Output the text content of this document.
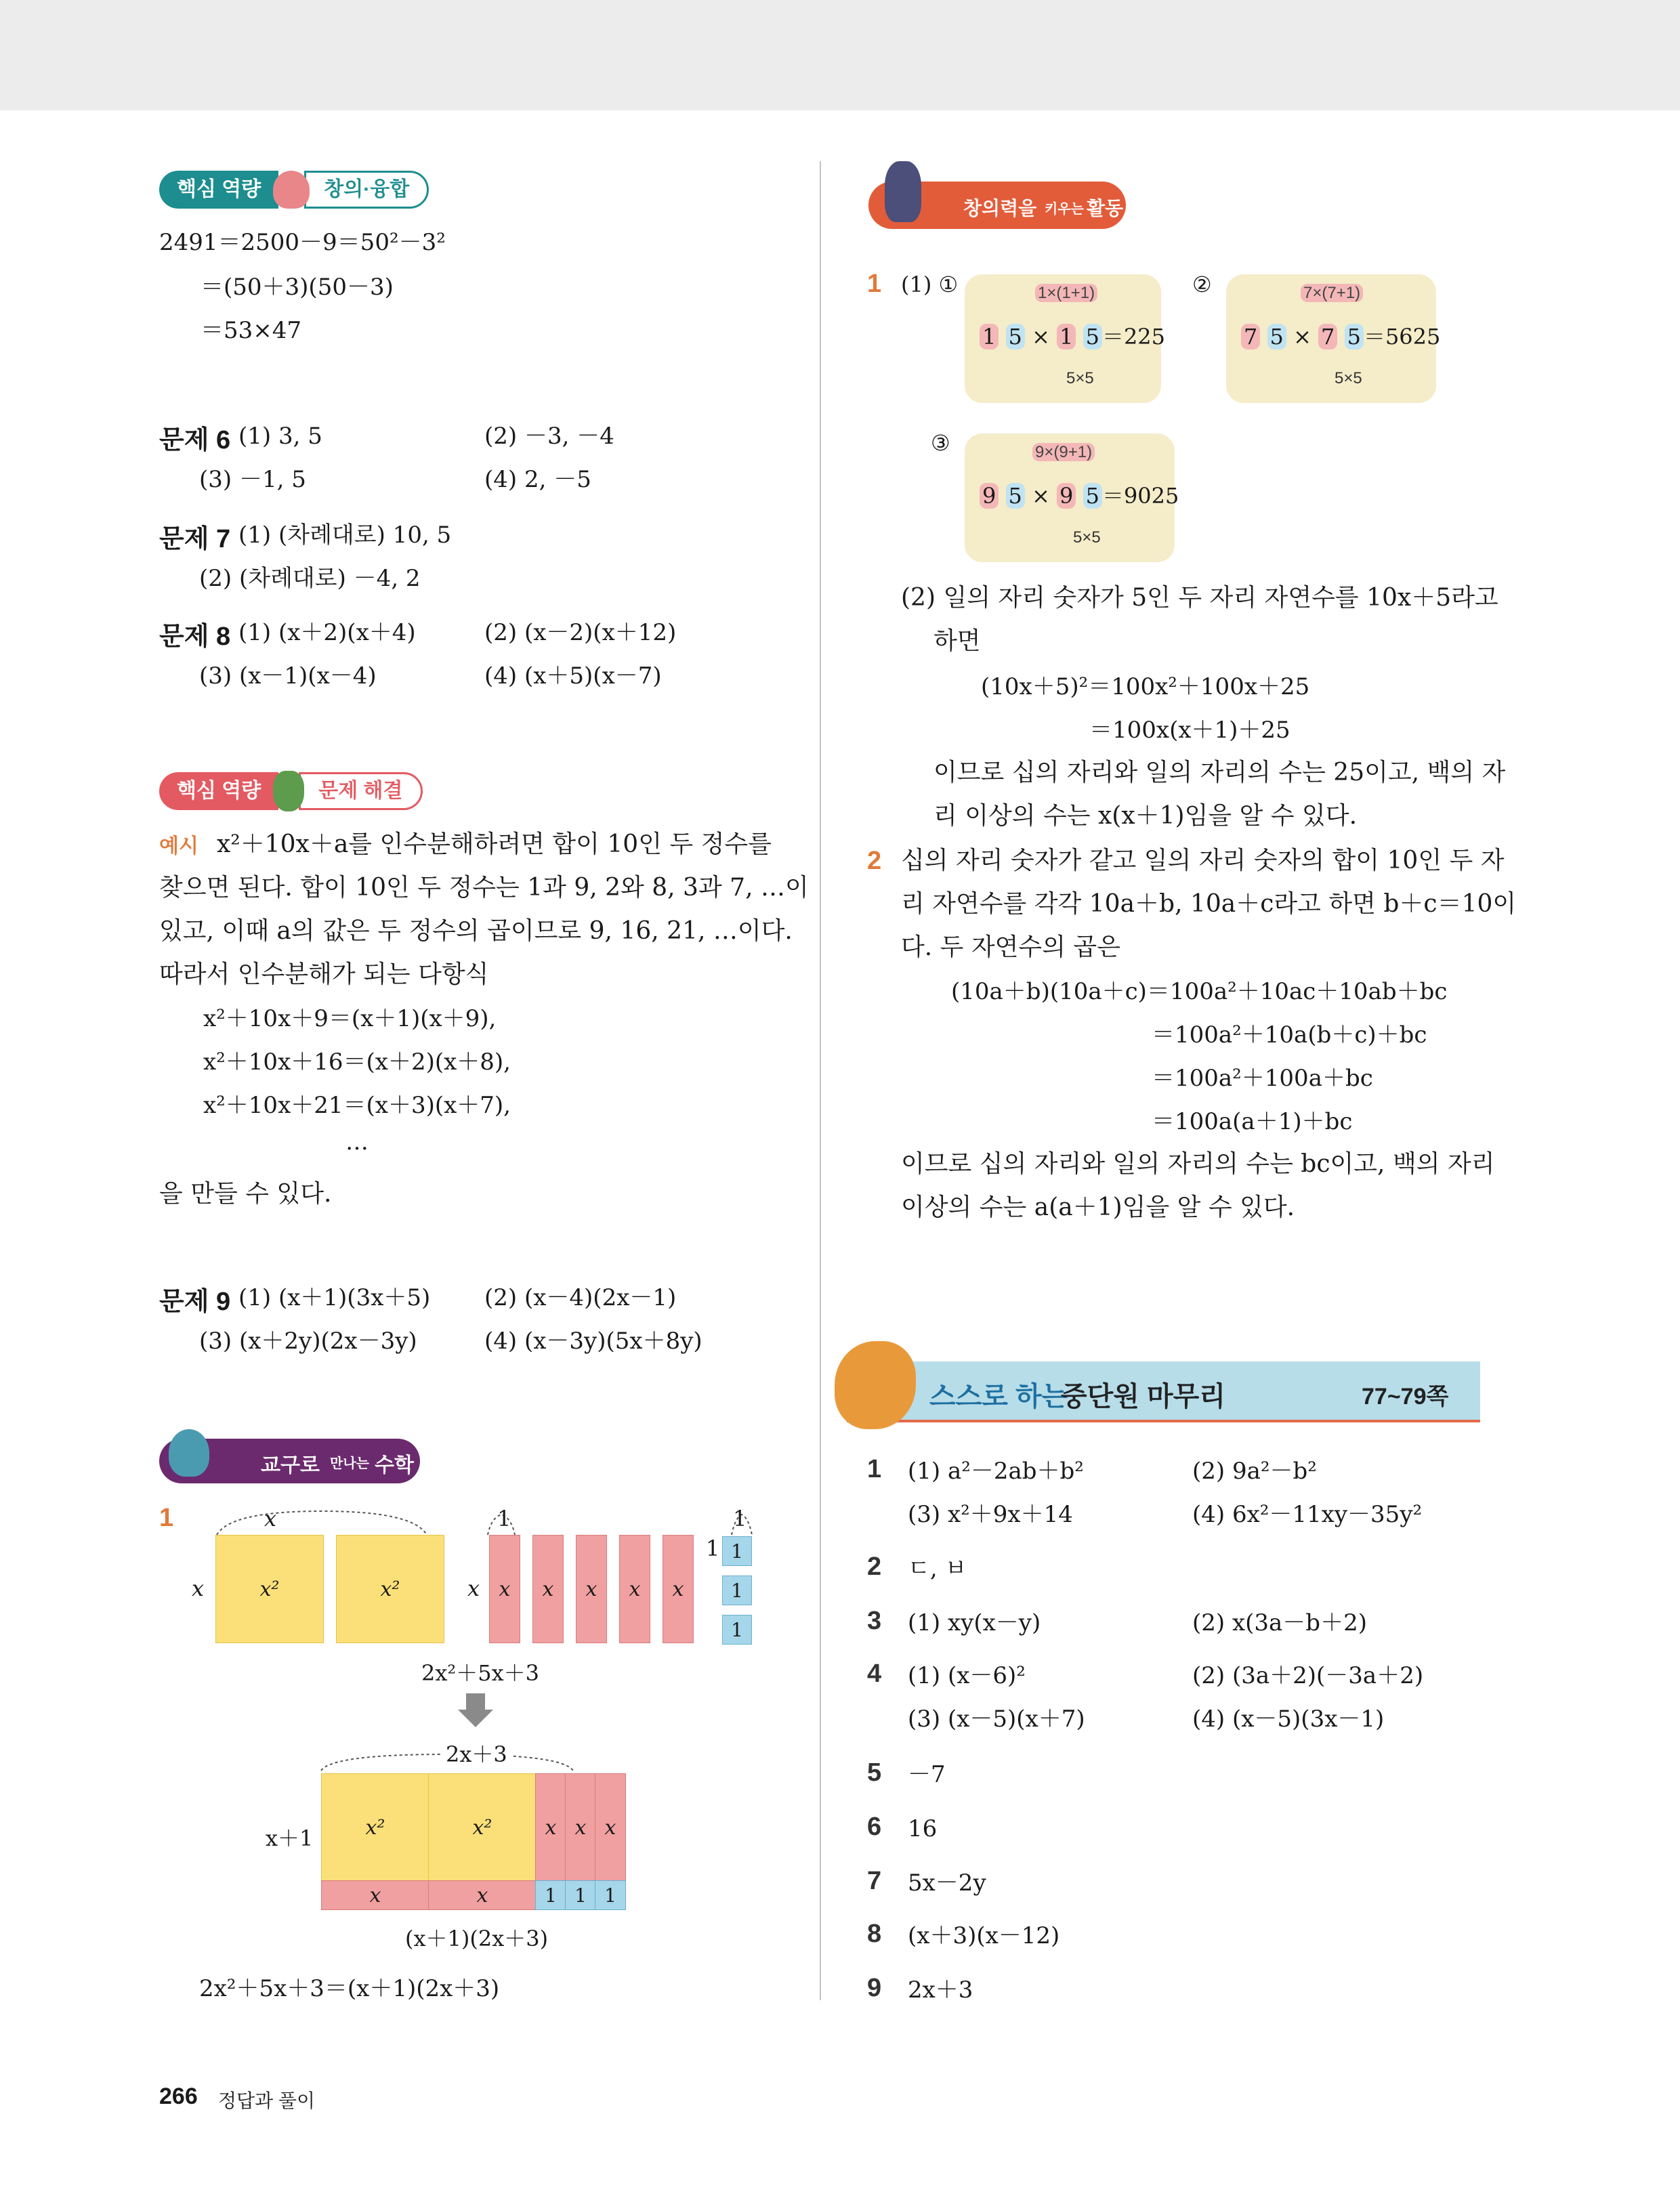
핵심 역량	창의·융합
2491＝2500－9＝50²－3²
＝(50＋3)(50－3)
＝53×47
문제 6 (1) 3, 5	(2) －3, －4
(3) －1, 5	(4) 2, －5
문제 7 (1) (차례대로) 10, 5
(2) (차례대로) －4, 2
문제 8 (1) (x＋2)(x＋4)	(2) (x－2)(x＋12)
(3) (x－1)(x－4)	(4) (x＋5)(x－7)
핵심 역량	문제 해결
예시 x²＋10x＋a를 인수분해하려면 합이 10인 두 정수를
찾으면 된다. 합이 10인 두 정수는 1과 9, 2와 8, 3과 7, …이
있고, 이때 a의 값은 두 정수의 곱이므로 9, 16, 21, …이다.
따라서 인수분해가 되는 다항식
x²＋10x＋9＝(x＋1)(x＋9),
x²＋10x＋16＝(x＋2)(x＋8),
x²＋10x＋21＝(x＋3)(x＋7),
…
을 만들 수 있다.
문제 9 (1) (x＋1)(3x＋5) (2) (x－4)(2x－1)
(3) (x＋2y)(2x－3y)	(4) (x－3y)(5x＋8y)
교구로 만나는 수학
1	x	1	1
x	x
1
x²	x²	x x x x x
1
1
1
2x²＋5x＋3
2x＋3
x＋1	x²	x²	x x x
x	x	1 1 1
(x＋1)(2x＋3)
2x²＋5x＋3＝(x＋1)(2x＋3)
266 정답과 풀이
창의력을 키우는 활동
1 (1) ①	1×(1+1)
1 5 × 1 5 ＝225
5×5
②	7×(7+1)
7 5 × 7 5 ＝5625
5×5
③	9×(9+1)
9 5 × 9 5 ＝9025
5×5
(2) 일의 자리 숫자가 5인 두 자리 자연수를 10x＋5라고
하면
(10x＋5)²＝100x²＋100x＋25
＝100x(x＋1)＋25
이므로 십의 자리와 일의 자리의 수는 25이고, 백의 자
리 이상의 수는 x(x＋1)임을 알 수 있다.
2 십의 자리 숫자가 같고 일의 자리 숫자의 합이 10인 두 자
리 자연수를 각각 10a＋b, 10a＋c라고 하면 b＋c＝10이
다. 두 자연수의 곱은
(10a＋b)(10a＋c)＝100a²＋10ac＋10ab＋bc
＝100a²＋10a(b＋c)＋bc
＝100a²＋100a＋bc
＝100a(a＋1)＋bc
이므로 십의 자리와 일의 자리의 수는 bc이고, 백의 자리
이상의 수는 a(a＋1)임을 알 수 있다.
스스로 하는
중단원 마무리	77~79쪽
1 (1) a²－2ab＋b²	(2) 9a²－b²
(3) x²＋9x＋14	(4) 6x²－11xy－35y²
2 ㄷ, ㅂ
3 (1) xy(x－y)	(2) x(3a－b＋2)
4 (1) (x－6)²	(2) (3a＋2)(－3a＋2)
(3) (x－5)(x＋7)	(4) (x－5)(3x－1)
5 －7
6 16
7 5x－2y
8 (x＋3)(x－12)
9 2x＋3
